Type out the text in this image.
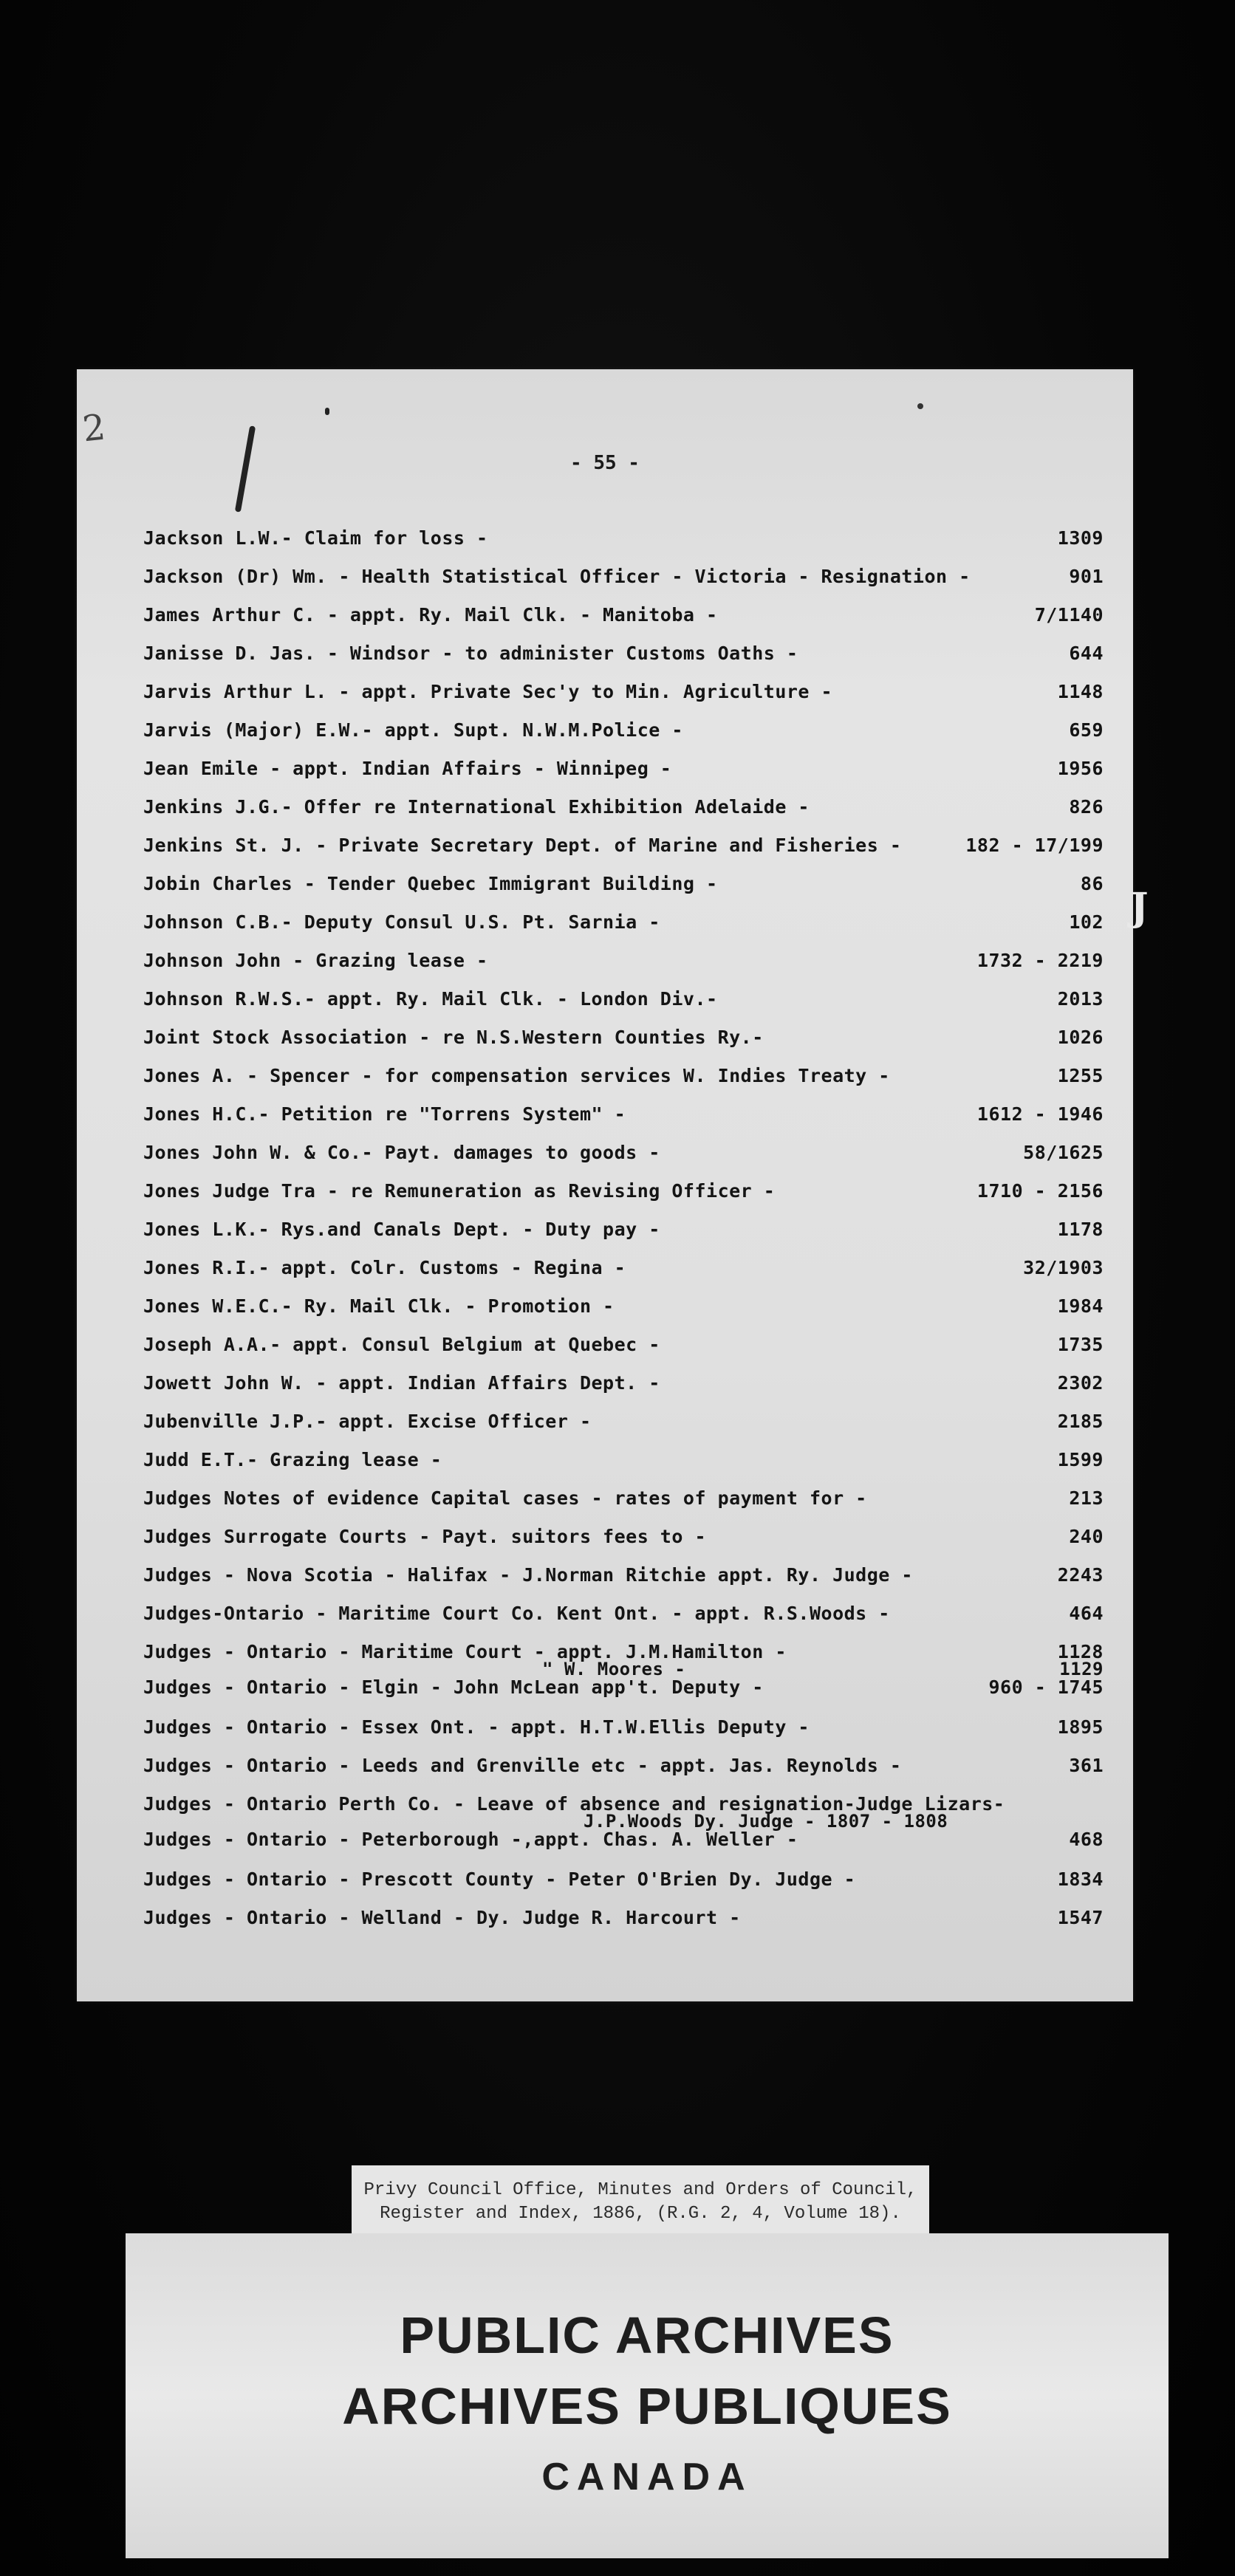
2
- 55 -
Jackson L.W.- Claim for loss -	1309
Jackson (Dr) Wm. - Health Statistical Officer - Victoria - Resignation -	901
James Arthur C. - appt. Ry. Mail Clk. - Manitoba -	7/1140
Janisse D. Jas. - Windsor - to administer Customs Oaths -	644
Jarvis Arthur L. - appt. Private Sec'y to Min. Agriculture -	1148
Jarvis (Major) E.W.- appt. Supt. N.W.M.Police -	659
Jean Emile - appt. Indian Affairs - Winnipeg -	1956
Jenkins J.G.- Offer re International Exhibition Adelaide -	826
Jenkins St. J. - Private Secretary Dept. of Marine and Fisheries -	182 - 17/199
Jobin Charles - Tender Quebec Immigrant Building -	86
Johnson C.B.- Deputy Consul U.S. Pt. Sarnia -	102
Johnson John - Grazing lease -	1732 - 2219
Johnson R.W.S.- appt. Ry. Mail Clk. - London Div.-	2013
Joint Stock Association - re N.S.Western Counties Ry.-	1026
Jones A. - Spencer - for compensation services W. Indies Treaty -	1255
Jones H.C.- Petition re "Torrens System" -	1612 - 1946
Jones John W. & Co.- Payt. damages to goods -	58/1625
Jones Judge Tra - re Remuneration as Revising Officer -	1710 - 2156
Jones L.K.- Rys.and Canals Dept. - Duty pay -	1178
Jones R.I.- appt. Colr. Customs - Regina -	32/1903
Jones W.E.C.- Ry. Mail Clk. - Promotion -	1984
Joseph A.A.- appt. Consul Belgium at Quebec -	1735
Jowett John W. - appt. Indian Affairs Dept. -	2302
Jubenville J.P.- appt. Excise Officer -	2185
Judd E.T.- Grazing lease -	1599
Judges Notes of evidence Capital cases - rates of payment for -	213
Judges Surrogate Courts - Payt. suitors fees to -	240
Judges - Nova Scotia - Halifax - J.Norman Ritchie appt. Ry. Judge -	2243
Judges-Ontario - Maritime Court Co. Kent Ont. - appt. R.S.Woods -	464
Judges - Ontario - Maritime Court - appt. J.M.Hamilton -	1128
" W. Moores -	1129
Judges - Ontario - Elgin - John McLean app't. Deputy -	960 - 1745
Judges - Ontario - Essex Ont. - appt. H.T.W.Ellis Deputy -	1895
Judges - Ontario - Leeds and Grenville etc - appt. Jas. Reynolds -	361
Judges - Ontario Perth Co. - Leave of absence and resignation-Judge Lizars-
J.P.Woods Dy. Judge - 1807 - 1808
Judges - Ontario - Peterborough -,appt. Chas. A. Weller -	468
Judges - Ontario - Prescott County - Peter O'Brien Dy. Judge -	1834
Judges - Ontario - Welland - Dy. Judge R. Harcourt -	1547
J
Privy Council Office, Minutes and Orders of Council,
Register and Index, 1886, (R.G. 2, 4, Volume 18).
PUBLIC ARCHIVES
ARCHIVES PUBLIQUES
CANADA
